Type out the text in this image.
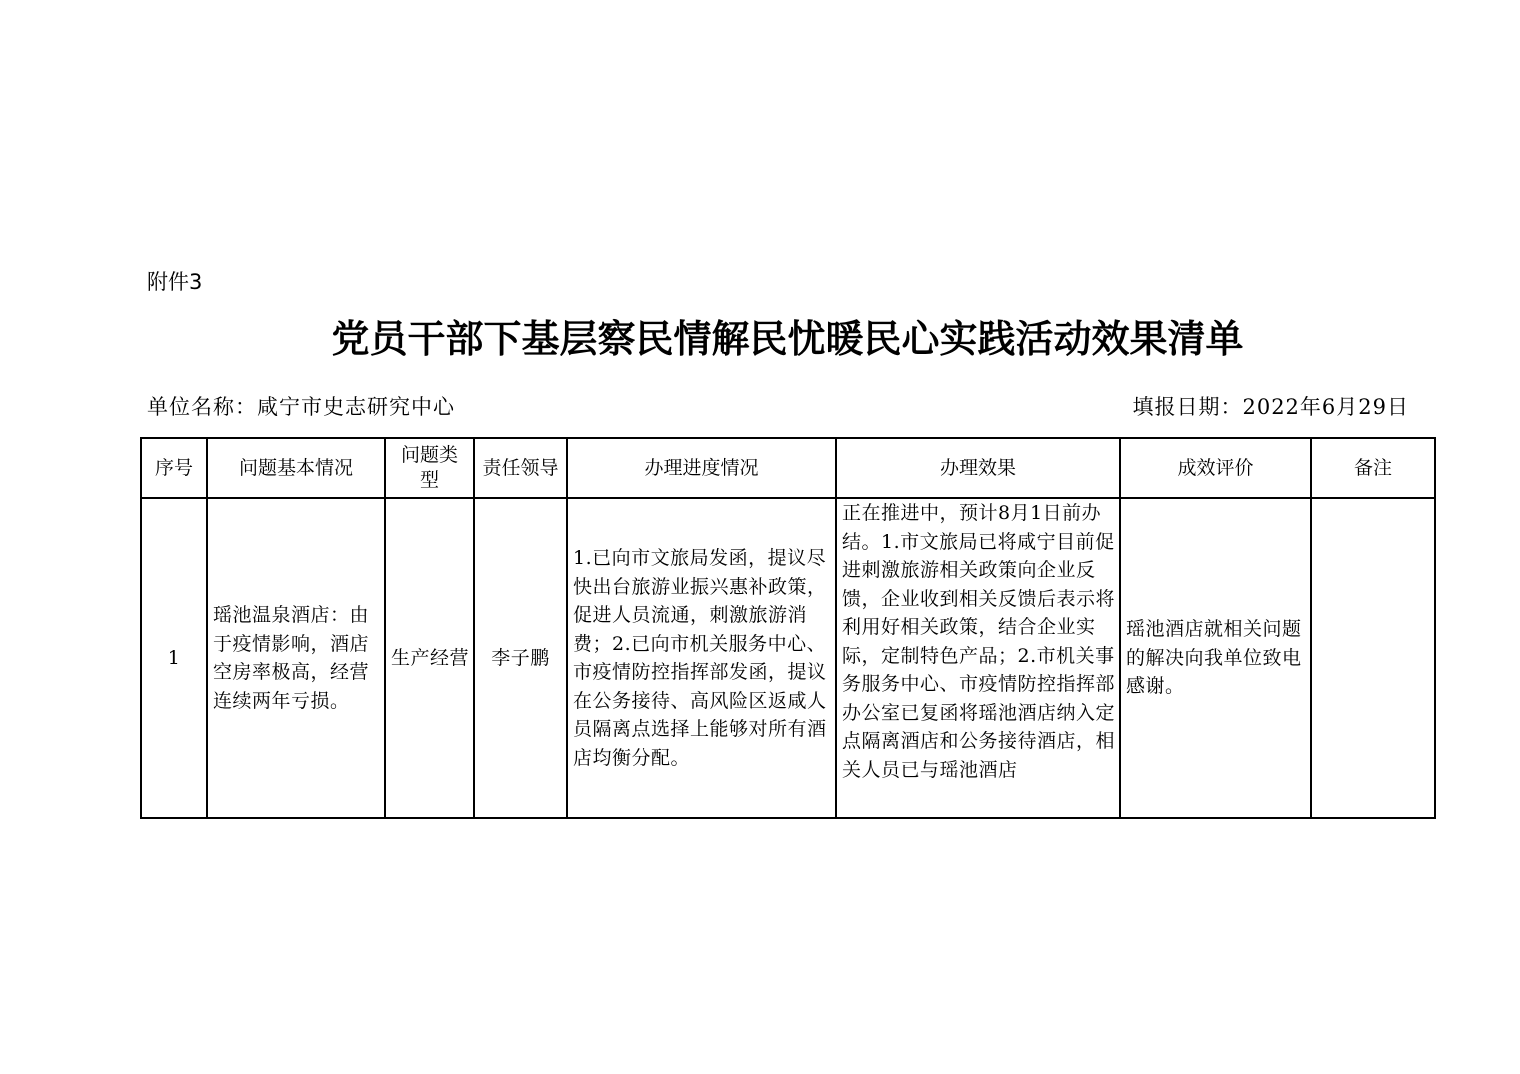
附件3
党员干部下基层察民情解民忧暖民心实践活动效果清单
单位名称：咸宁市史志研究中心	填报日期：2022年6月29日
序号	问题基本情况	问题类型	责任领导	办理进度情况	办理效果	成效评价	备注
1	瑶池温泉酒店：由于疫情影响，酒店空房率极高，经营连续两年亏损。	生产经营	李子鹏	1.已向市文旅局发函，提议尽快出台旅游业振兴惠补政策，促进人员流通，刺激旅游消费；2.已向市机关服务中心、市疫情防控指挥部发函，提议在公务接待、高风险区返咸人员隔离点选择上能够对所有酒店均衡分配。	正在推进中，预计8月1日前办结。1.市文旅局已将咸宁目前促进刺激旅游相关政策向企业反馈，企业收到相关反馈后表示将利用好相关政策，结合企业实际，定制特色产品；2.市机关事务服务中心、市疫情防控指挥部办公室已复函将瑶池酒店纳入定点隔离酒店和公务接待酒店，相关人员已与瑶池酒店	瑶池酒店就相关问题的解决向我单位致电感谢。	
